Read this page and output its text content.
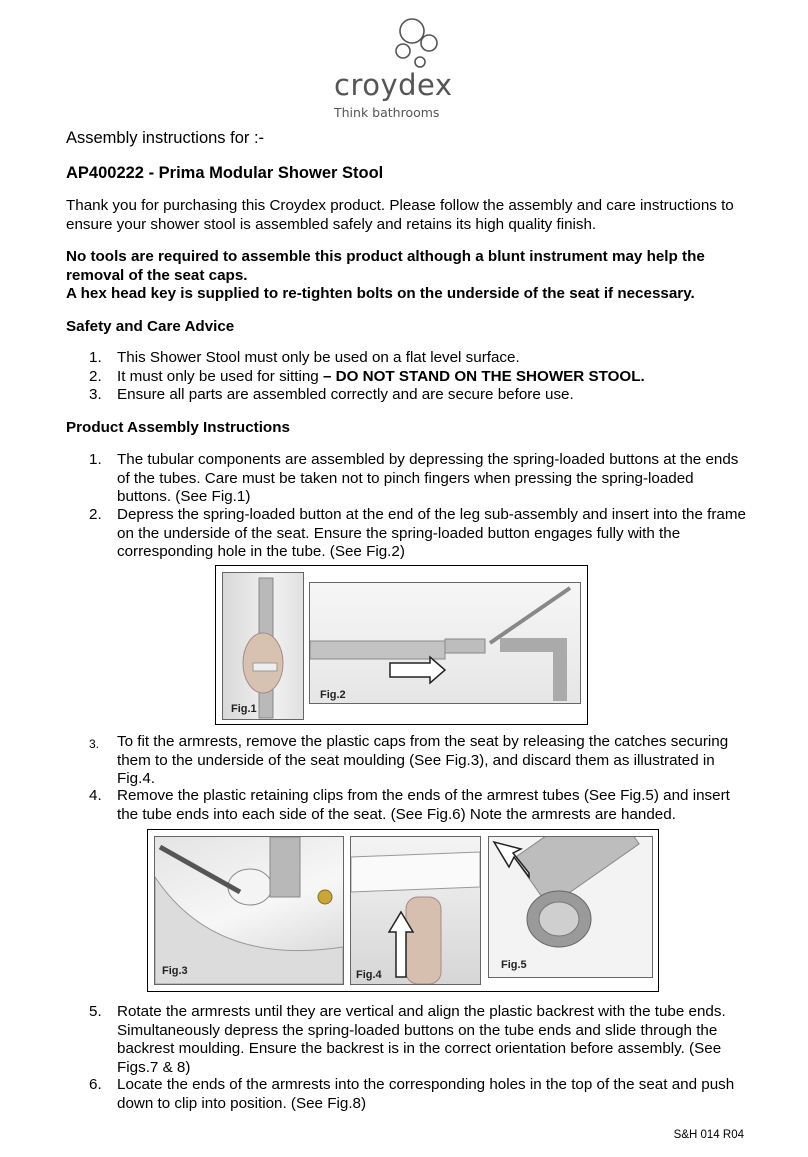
croydex
Think bathrooms
Assembly instructions for :-
AP400222 - Prima Modular Shower Stool
Thank you for purchasing this Croydex product. Please follow the assembly and care instructions to ensure your shower stool is assembled safely and retains its high quality finish.
No tools are required to assemble this product although a blunt instrument may help the removal of the seat caps.
A hex head key is supplied to re-tighten bolts on the underside of the seat if necessary.
Safety and Care Advice
1.	This Shower Stool must only be used on a flat level surface.
2.	It must only be used for sitting – DO NOT STAND ON THE SHOWER STOOL.
3.	Ensure all parts are assembled correctly and are secure before use.
Product Assembly Instructions
1.	The tubular components are assembled by depressing the spring-loaded buttons at the ends of the tubes. Care must be taken not to pinch fingers when pressing the spring-loaded buttons. (See Fig.1)
2.	Depress the spring-loaded button at the end of the leg sub-assembly and insert into the frame on the underside of the seat. Ensure the spring-loaded button engages fully with the corresponding hole in the tube. (See Fig.2)
Fig.1
Fig.2
3.	To fit the armrests, remove the plastic caps from the seat by releasing the catches securing them to the underside of the seat moulding (See Fig.3), and discard them as illustrated in Fig.4.
4.	Remove the plastic retaining clips from the ends of the armrest tubes (See Fig.5) and insert the tube ends into each side of the seat. (See Fig.6) Note the armrests are handed.
Fig.3	Fig.4
Fig.5
5.	Rotate the armrests until they are vertical and align the plastic backrest with the tube ends. Simultaneously depress the spring-loaded buttons on the tube ends and slide through the backrest moulding. Ensure the backrest is in the correct orientation before assembly. (See Figs.7 & 8)
6.	Locate the ends of the armrests into the corresponding holes in the top of the seat and push down to clip into position. (See Fig.8)
S&H 014 R04
